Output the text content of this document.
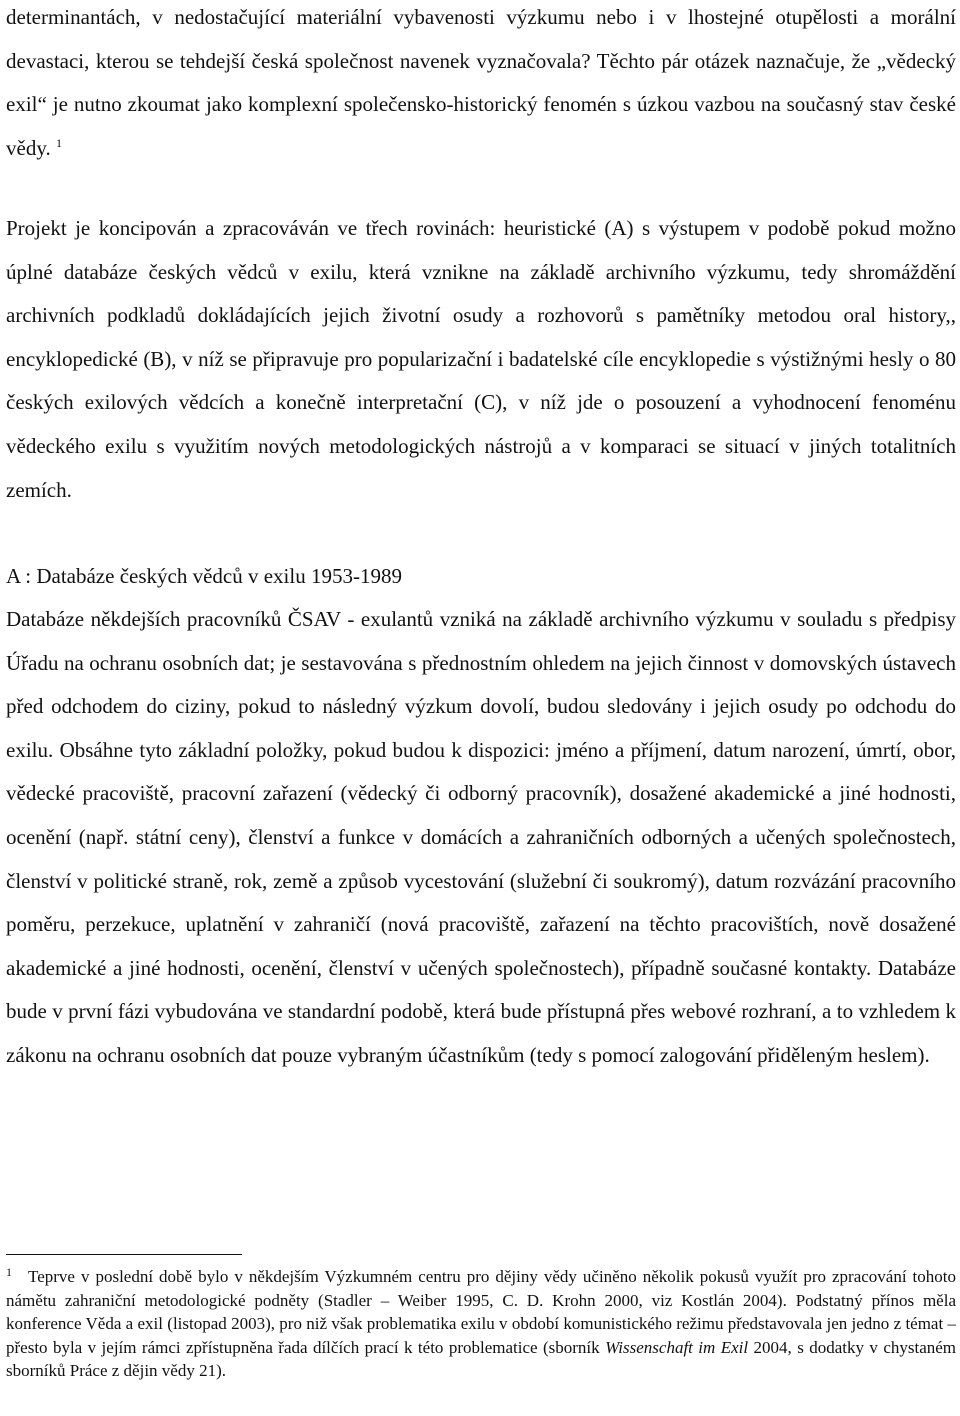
determinantách, v nedostačující materiální vybavenosti výzkumu nebo i v lhostejné otupělosti a morální devastaci, kterou se tehdejší česká společnost navenek vyznačovala? Těchto pár otázek naznačuje, že „vědecký exil“ je nutno zkoumat jako komplexní společensko-historický fenomén s úzkou vazbou na současný stav české vědy. $^1$

Projekt je koncipován a zpracováván ve třech rovinách: heuristické (A) s výstupem v podobě pokud možno úplné databáze českých vědců v exilu, která vznikne na základě archivního výzkumu, tedy shromáždění archivních podkladů dokládajících jejich životní osudy a rozhovorů s pamětníky metodou oral history,, encyklopedické (B), v níž se připravuje pro popularizační i badatelské cíle encyklopedie s výstižnými hesly o 80 českých exilových vědcích a konečně interpretační (C), v níž jde o posouzení a vyhodnocení fenoménu vědeckého exilu s využitím nových metodologických nástrojů a v komparaci se situací v jiných totalitních zemích.

A : Databáze českých vědců v exilu 1953-1989

Databáze někdejších pracovníků ČSAV - exulantů vzniká na základě archivního výzkumu v souladu s předpisy Úřadu na ochranu osobních dat; je sestavována s přednostním ohledem na jejich činnost v domovských ústavech před odchodem do ciziny, pokud to následný výzkum dovolí, budou sledovány i jejich osudy po odchodu do exilu. Obsáhne tyto základní položky, pokud budou k dispozici: jméno a příjmení, datum narození, úmrtí, obor, vědecké pracoviště, pracovní zařazení (vědecký či odborný pracovník), dosažené akademické a jiné hodnosti, ocenění (např. státní ceny), členství a funkce v domácích a zahraničních odborných a učených společnostech, členství v politické straně, rok, země a způsob vycestování (služební či soukromý), datum rozvázání pracovního poměru, perzekuce, uplatnění v zahraničí (nová pracoviště, zařazení na těchto pracovištích, nově dosažené akademické a jiné hodnosti, ocenění, členství v učených společnostech), případně současné kontakty. Databáze bude v první fázi vybudována ve standardní podobě, která bude přístupná přes webové rozhraní, a to vzhledem k zákonu na ochranu osobních dat pouze vybraným účastníkům (tedy s pomocí zalogování přiděleným heslem).

$^1$ Teprve v poslední době bylo v někdejším Výzkumném centru pro dějiny vědy učiněno několik pokusů využít pro zpracování tohoto námětu zahraniční metodologické podněty (Stadler – Weiber 1995, C. D. Krohn 2000, viz Kostlán 2004). Podstatný přínos měla konference Věda a exil (listopad 2003), pro niž však problematika exilu v období komunistického režimu představovala jen jedno z témat – přesto byla v jejím rámci zpřístupněna řada dílčích prací k této problematice (sborník Wissenschaft im Exil 2004, s dodatky v chystaném sborníků Práce z dějin vědy 21).
